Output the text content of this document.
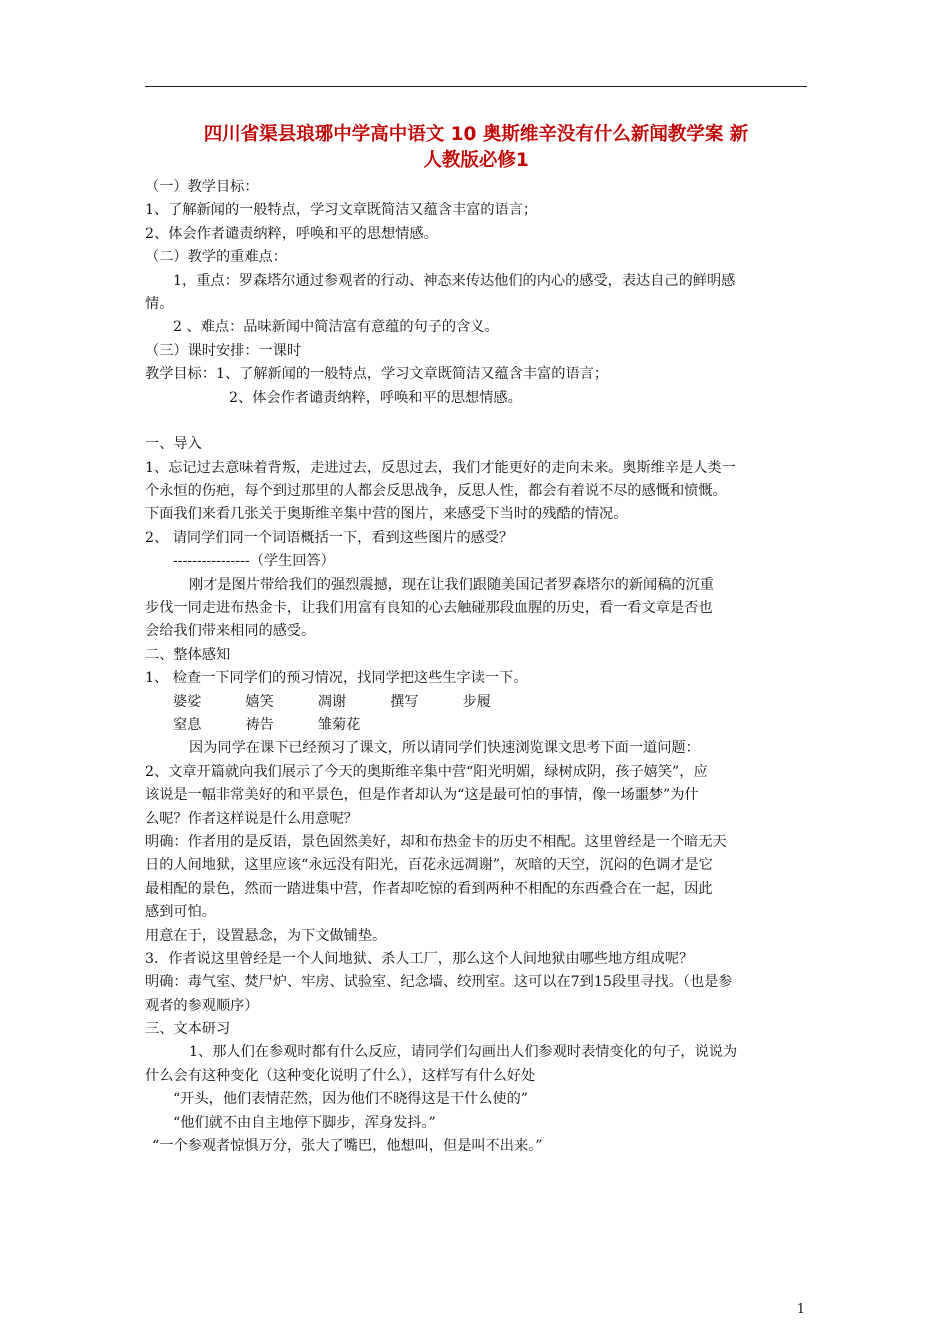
四川省渠县琅琊中学高中语文 10 奥斯维辛没有什么新闻教学案 新
人教版必修1
（一）教学目标：
1、了解新闻的一般特点，学习文章既简洁又蕴含丰富的语言；
2、体会作者谴责纳粹，呼唤和平的思想情感。
（二）教学的重难点：
1，重点：罗森塔尔通过参观者的行动、神态来传达他们的内心的感受，表达自己的鲜明感
情。
2 、难点：品味新闻中简洁富有意蕴的句子的含义。
（三）课时安排：一课时
教学目标：1、了解新闻的一般特点，学习文章既简洁又蕴含丰富的语言；
2、体会作者谴责纳粹，呼唤和平的思想情感。
一、导入
1、忘记过去意味着背叛，走进过去，反思过去，我们才能更好的走向未来。奥斯维辛是人类一
个永恒的伤疤，每个到过那里的人都会反思战争，反思人性，都会有着说不尽的感慨和愤慨。
下面我们来看几张关于奥斯维辛集中营的图片，来感受下当时的残酷的情况。
2、 请同学们同一个词语概括一下，看到这些图片的感受？
----------------（学生回答）
刚才是图片带给我们的强烈震撼，现在让我们跟随美国记者罗森塔尔的新闻稿的沉重
步伐一同走进布热金卡，让我们用富有良知的心去触碰那段血腥的历史，看一看文章是否也
会给我们带来相同的感受。
二、整体感知
1、 检查一下同学们的预习情况，找同学把这些生字读一下。
婆娑	嬉笑	凋谢	撰写	步履
窒息	祷告	雏菊花
因为同学在课下已经预习了课文，所以请同学们快速浏览课文思考下面一道问题：
2、文章开篇就向我们展示了今天的奥斯维辛集中营“阳光明媚，绿树成阴，孩子嬉笑”，应
该说是一幅非常美好的和平景色，但是作者却认为“这是最可怕的事情，像一场噩梦”为什
么呢？作者这样说是什么用意呢？
明确：作者用的是反语，景色固然美好，却和布热金卡的历史不相配。这里曾经是一个暗无天
日的人间地狱，这里应该“永远没有阳光，百花永远凋谢”，灰暗的天空，沉闷的色调才是它
最相配的景色，然而一踏进集中营，作者却吃惊的看到两种不相配的东西叠合在一起，因此
感到可怕。
用意在于，设置悬念，为下文做铺垫。
3．作者说这里曾经是一个人间地狱、杀人工厂，那么这个人间地狱由哪些地方组成呢？
明确：毒气室、焚尸炉、牢房、试验室、纪念墙、绞刑室。这可以在7到15段里寻找。（也是参
观者的参观顺序）
三、文本研习
1、那人们在参观时都有什么反应，请同学们勾画出人们参观时表情变化的句子，说说为
什么会有这种变化（这种变化说明了什么），这样写有什么好处
“开头，他们表情茫然，因为他们不晓得这是干什么使的”
“他们就不由自主地停下脚步，浑身发抖。”
“一个参观者惊惧万分，张大了嘴巴，他想叫，但是叫不出来。”
1
